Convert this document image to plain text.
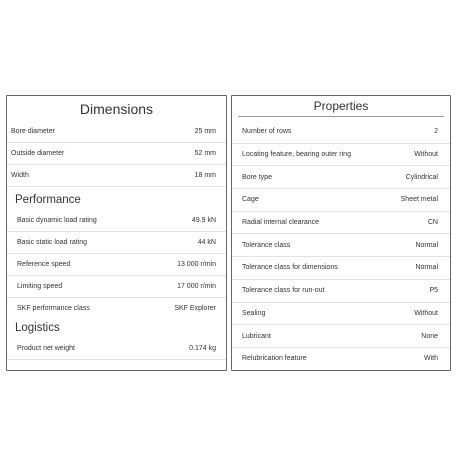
Dimensions
Bore diameter	25 mm
Outside diameter	52 mm
Width	18 mm
Performance
Basic dynamic load rating	49.9 kN
Basic static load rating	44 kN
Reference speed	13 000 r/min
Limiting speed	17 000 r/min
SKF performance class	SKF Explorer
Logistics
Product net weight	0.174 kg
Properties
Number of rows	2
Locating feature, bearing outer ring	Without
Bore type	Cylindrical
Cage	Sheet metal
Radial internal clearance	CN
Tolerance class	Normal
Tolerance class for dimensions	Normal
Tolerance class for run-out	P5
Sealing	Without
Lubricant	None
Relubrication feature	With
